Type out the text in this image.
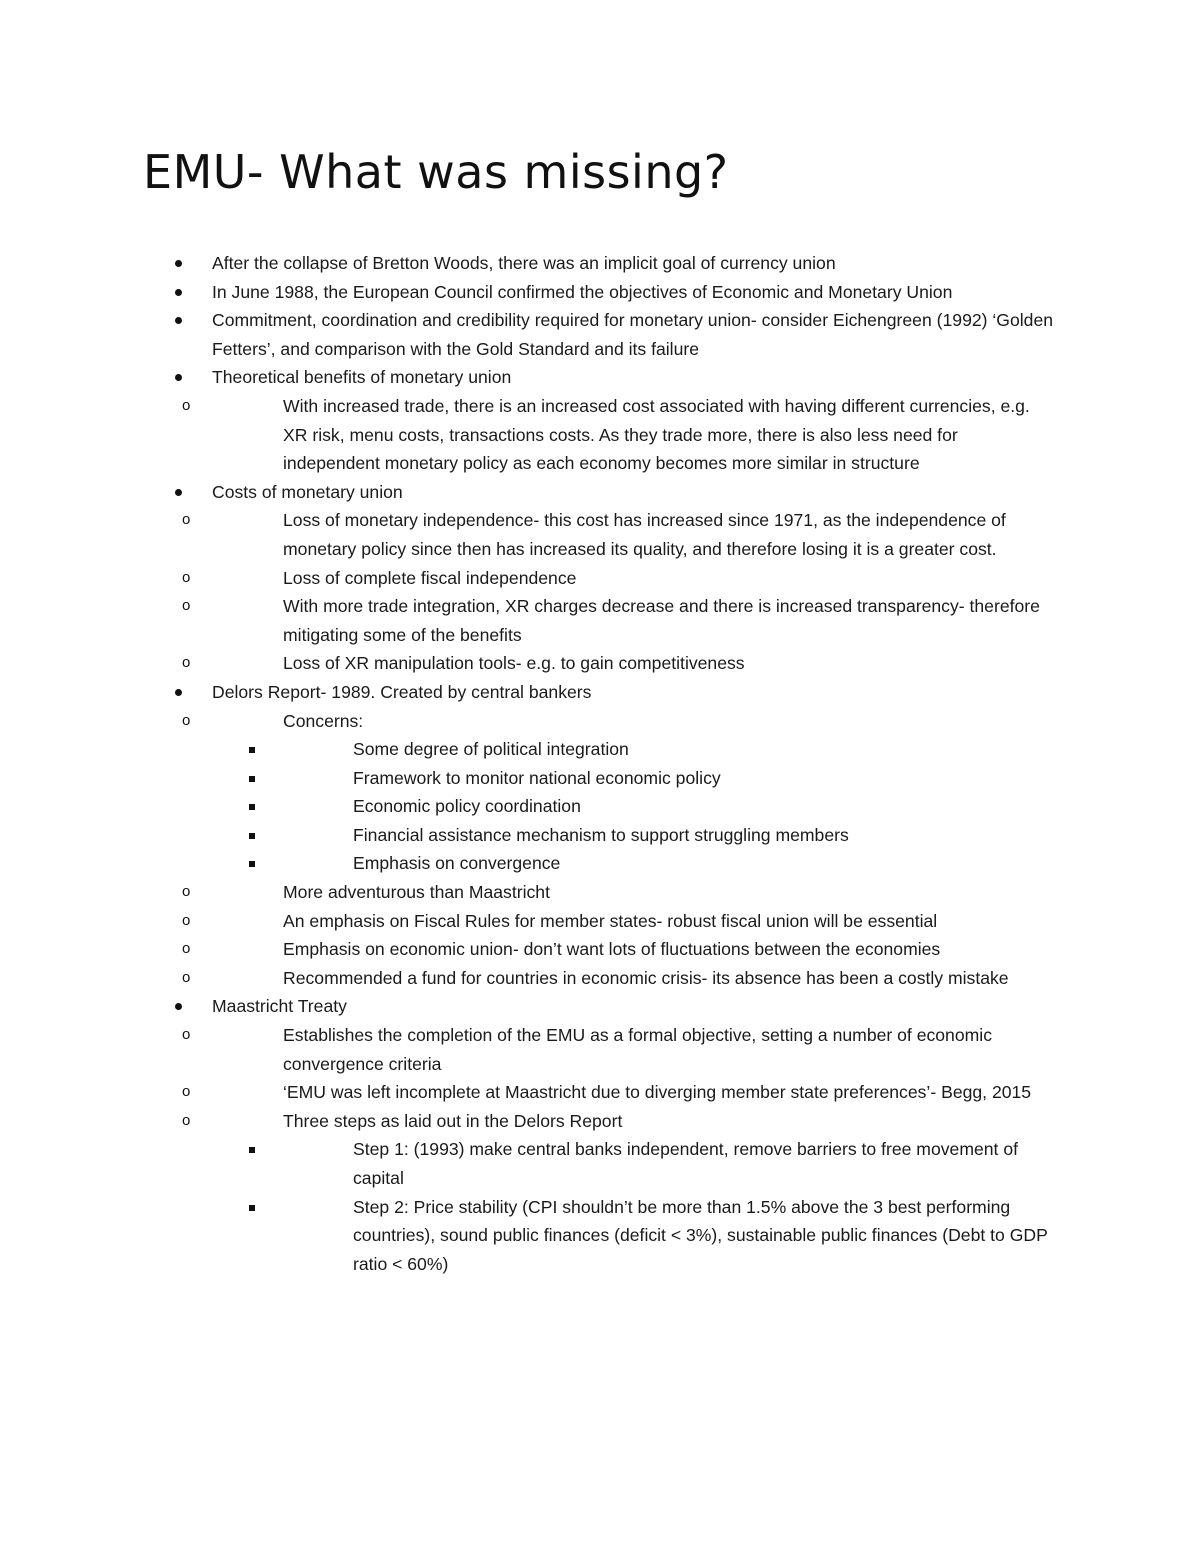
EMU- What was missing?
After the collapse of Bretton Woods, there was an implicit goal of currency union
In June 1988, the European Council confirmed the objectives of Economic and Monetary Union
Commitment, coordination and credibility required for monetary union- consider Eichengreen (1992) ‘Golden Fetters’, and comparison with the Gold Standard and its failure
Theoretical benefits of monetary union
o	With increased trade, there is an increased cost associated with having different currencies, e.g. XR risk, menu costs, transactions costs. As they trade more, there is also less need for independent monetary policy as each economy becomes more similar in structure
Costs of monetary union
o	Loss of monetary independence- this cost has increased since 1971, as the independence of monetary policy since then has increased its quality, and therefore losing it is a greater cost.
o	Loss of complete fiscal independence
o	With more trade integration, XR charges decrease and there is increased transparency- therefore mitigating some of the benefits
o	Loss of XR manipulation tools- e.g. to gain competitiveness
Delors Report- 1989. Created by central bankers
o	Concerns:
Some degree of political integration
Framework to monitor national economic policy
Economic policy coordination
Financial assistance mechanism to support struggling members
Emphasis on convergence
o	More adventurous than Maastricht
o	An emphasis on Fiscal Rules for member states- robust fiscal union will be essential
o	Emphasis on economic union- don’t want lots of fluctuations between the economies
o	Recommended a fund for countries in economic crisis- its absence has been a costly mistake
Maastricht Treaty
o	Establishes the completion of the EMU as a formal objective, setting a number of economic convergence criteria
o	‘EMU was left incomplete at Maastricht due to diverging member state preferences’- Begg, 2015
o	Three steps as laid out in the Delors Report
Step 1: (1993) make central banks independent, remove barriers to free movement of capital
Step 2: Price stability (CPI shouldn’t be more than 1.5% above the 3 best performing countries), sound public finances (deficit < 3%), sustainable public finances (Debt to GDP ratio < 60%)
